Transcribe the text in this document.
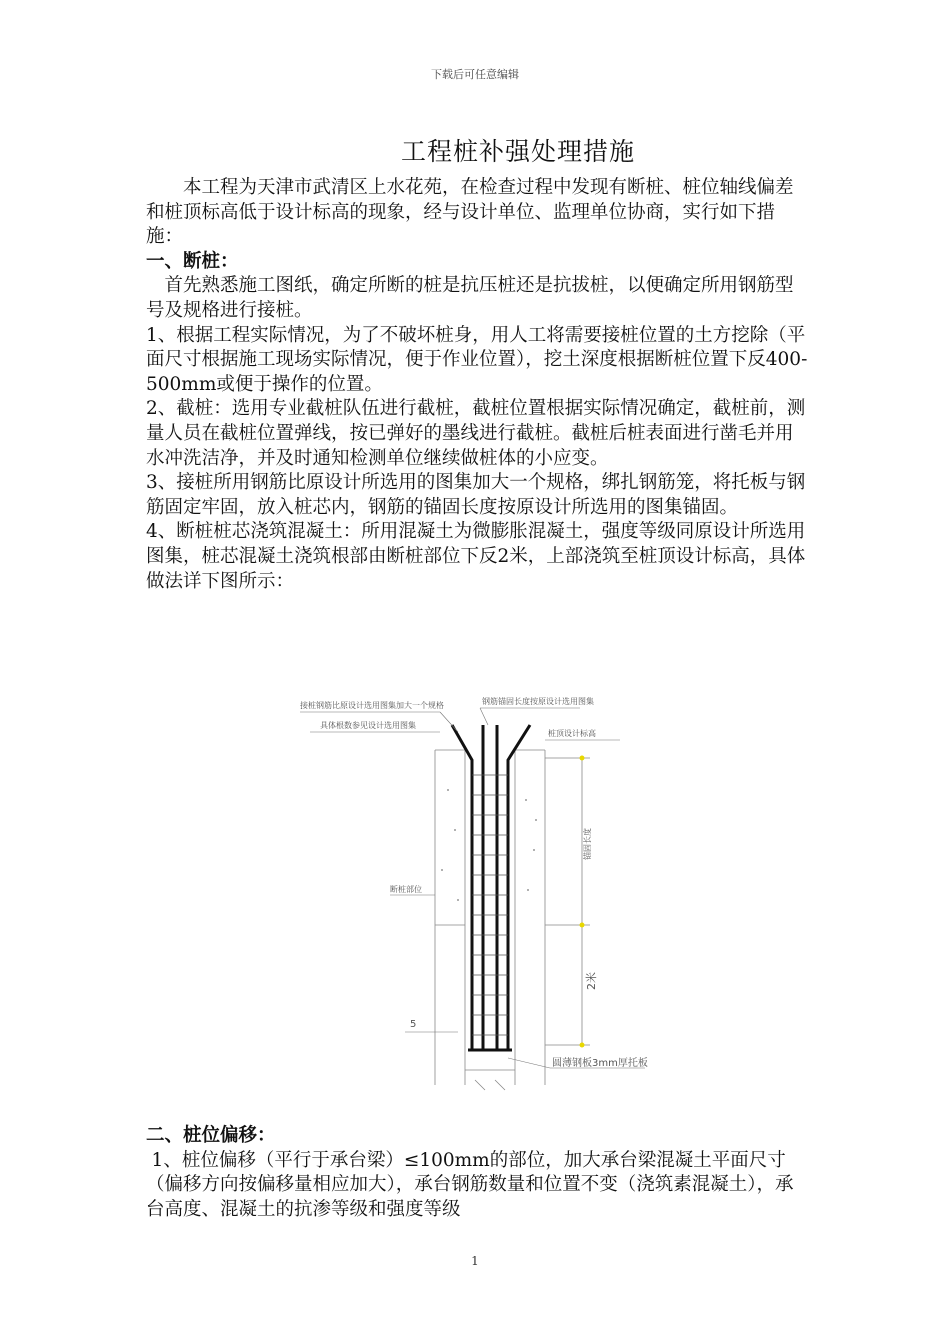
下载后可任意编辑
工程桩补强处理措施

本工程为天津市武清区上水花苑，在检查过程中发现有断桩、桩位轴线偏差和桩顶标高低于设计标高的现象，经与设计单位、监理单位协商，实行如下措施：

一、断桩：

首先熟悉施工图纸，确定所断的桩是抗压桩还是抗拔桩，以便确定所用钢筋型号及规格进行接桩。

1、根据工程实际情况，为了不破坏桩身，用人工将需要接桩位置的土方挖除（平面尺寸根据施工现场实际情况，便于作业位置），挖土深度根据断桩位置下反400-500mm或便于操作的位置。

2、截桩：选用专业截桩队伍进行截桩，截桩位置根据实际情况确定，截桩前，测量人员在截桩位置弹线，按已弹好的墨线进行截桩。截桩后桩表面进行凿毛并用水冲洗洁净，并及时通知检测单位继续做桩体的小应变。

3、接桩所用钢筋比原设计所选用的图集加大一个规格，绑扎钢筋笼，将托板与钢筋固定牢固，放入桩芯内，钢筋的锚固长度按原设计所选用的图集锚固。

4、断桩桩芯浇筑混凝土：所用混凝土为微膨胀混凝土，强度等级同原设计所选用图集，桩芯混凝土浇筑根部由断桩部位下反2米，上部浇筑至桩顶设计标高，具体做法详下图所示：

接桩钢筋比原设计选用图集加大一个规格
具体根数参见设计选用图集
钢筋锚固长度按原设计选用图集
桩顶设计标高
锚固长度
断桩部位
2米
圆薄钢板3mm厚托板
5

二、桩位偏移：

1、桩位偏移（平行于承台梁）≤100mm的部位，加大承台梁混凝土平面尺寸（偏移方向按偏移量相应加大），承台钢筋数量和位置不变（浇筑素混凝土），承台高度、混凝土的抗渗等级和强度等级

1
